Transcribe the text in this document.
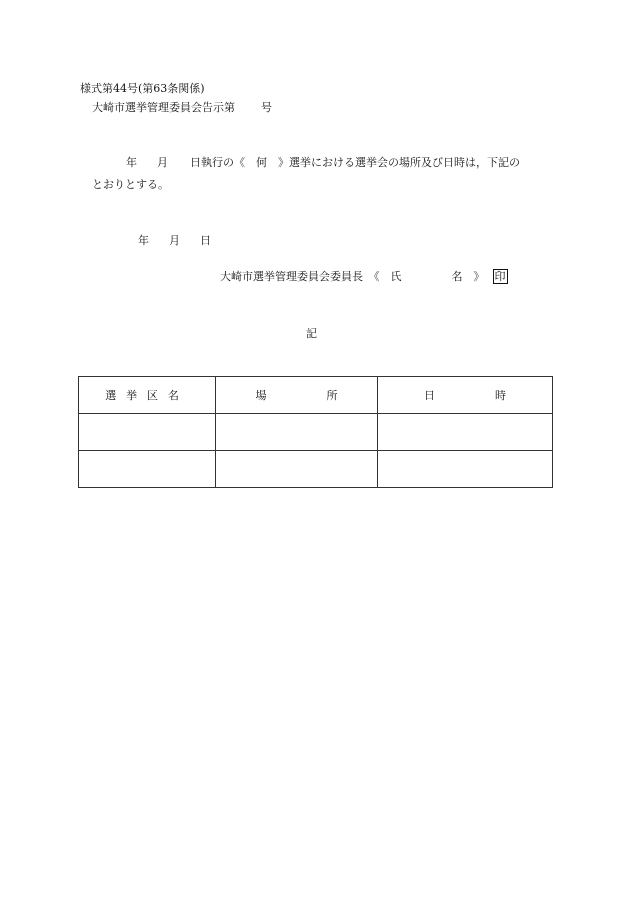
様式第44号(第63条関係)
大崎市選挙管理委員会告示第 号
年 月 日執行の《　何　》選挙における選挙会の場所及び日時は，下記の
とおりとする。
年 月 日
大崎市選挙管理委員会委員長　《　氏	名　》 印
記
選挙区名	場 所	日 時
